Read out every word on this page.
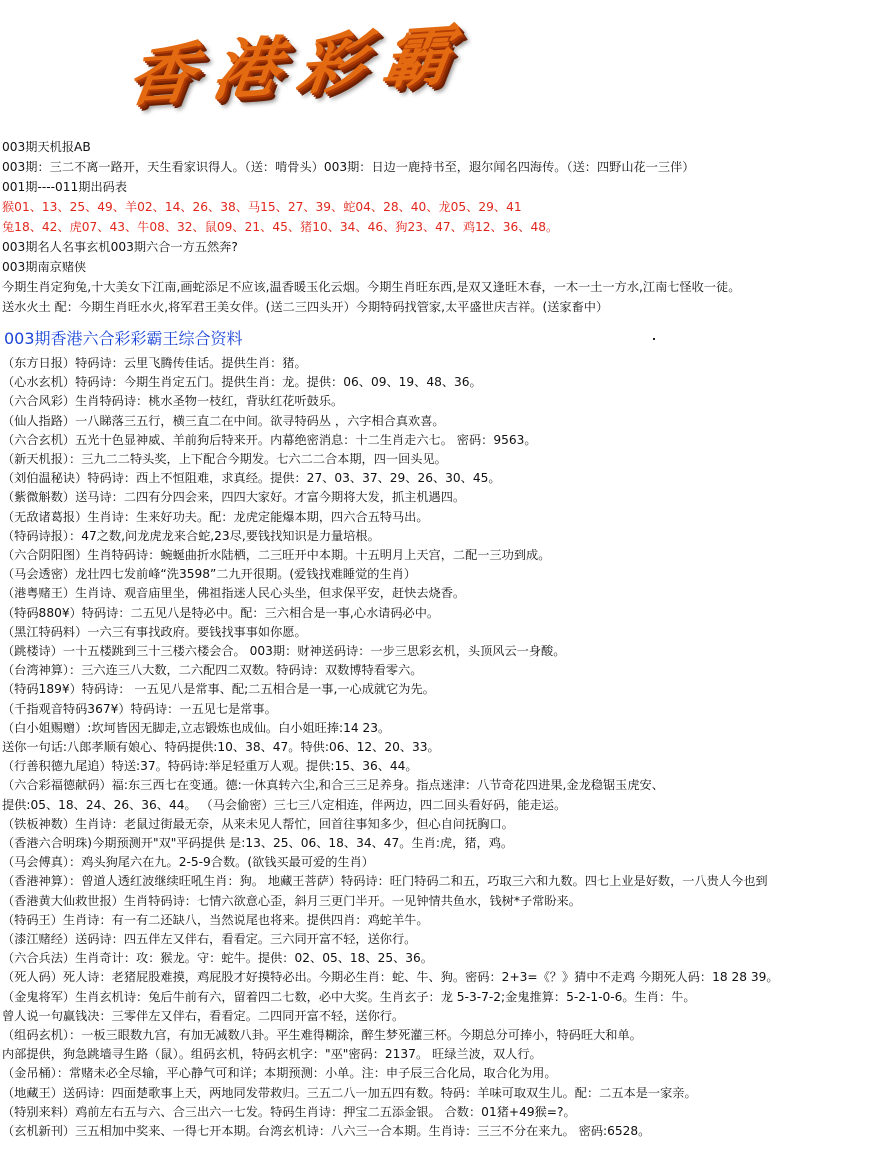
香港彩霸
003期天机报AB
003期：三二不离一路开，天生看家识得人。（送：啃骨头）003期：日边一鹿持书至，遐尔闻名四海传。（送：四野山花一三伴）
001期----011期出码表
猴01、13、25、49、羊02、14、26、38、马15、27、39、蛇04、28、40、龙05、29、41
兔18、42、虎07、43、牛08、32、鼠09、21、45、猪10、34、46、狗23、47、鸡12、36、48。
003期名人名事玄机003期六合一方五然奔?
003期南京赌侠
今期生肖定狗兔,十大美女下江南,画蛇添足不应该,温香暖玉化云烟。今期生肖旺东西,是双又逢旺木春，一木一土一方水,江南七怪收一徒。
送水火土 配：今期生肖旺水火,将军君王美女伴。(送二三四头开）今期特码找管家,太平盛世庆吉祥。(送家畜中）
003期香港六合彩彩霸王综合资料
（东方日报）特码诗：云里飞腾传佳话。提供生肖：猪。
（心水玄机）特码诗：今期生肖定五门。提供生肖：龙。提供：06、09、19、48、36。
（六合风彩）生肖特码诗：桃水圣物一枝红，背驮红花听鼓乐。
（仙人指路）一八睇落三五行，横三直二在中间。欲寻特码丛 ，六字相合真欢喜。
（六合玄机）五光十色显神威、羊前狗后特来开。内幕绝密消息：十二生肖走六七。 密码：9563。
（新天机报）：三九二二特头奖，上下配合今期发。七六二二合本期，四一回头见。
（刘伯温秘诀）特码诗：西上不恒阻难，求真经。提供：27、03、37、29、26、30、45。
（紫微斛数）送马诗：二四有分四会来，四四大家好。才富今期将大发，抓主机遇四。
（无敌诸葛报）生肖诗：生来好功夫。配：龙虎定能爆本期，四六合五特马出。
（特码诗报）：47之数,问龙虎龙来合蛇,23尽,要钱找知识是力量培根。
（六合阴阳图）生肖特码诗：蜿蜒曲折水陆栖，二三旺开中本期。十五明月上天宫，二配一三功到成。
（马会透密）龙壮四七发前峰“洗3598”二九开很期。(爱钱找难睡觉的生肖）
（港粤赌王）生肖诗、观音庙里坐，佛祖指迷人民心头坐，但求保平安，赶快去烧香。
（特码880¥）特码诗：二五见八是特必中。配：三六相合是一事,心水请码必中。
（黑江特码料）一六三有事找政府。要钱找事事如你愿。
（跳楼诗）一十五楼跳到三十三楼六楼会合。 003期：财神送码诗：一步三思彩玄机，头顶风云一身酸。
（台湾神算）：三六连三八大数，二六配四二双数。特码诗：双数博特看零六。
（特码189¥）特码诗： 一五见八是常事、配;二五相合是一事,一心成就它为先。
（千指观音特码367¥）特码诗：一五见七是常事。
（白小姐赐赠）:坎坷皆因无脚走,立志锻炼也成仙。白小姐旺捧:14 23。
送你一句话:八郎孝顺有娘心、特码提供:10、38、47。特供:06、12、20、33。
（行善积德九尾追）特送:37。特码诗:举足轻重万人观。提供:15、36、44。
（六合彩福德献码）福:东三西七在变通。德:一休真转六尘,和合三三足养身。指点迷津：八节奇花四进果,金龙稳锯玉虎安、
提供:05、18、24、26、36、44。 （马会偷密）三七三八定相连，伴两边，四二回头看好码，能走运。
（铁板神数）生肖诗：老鼠过街最无奈，从来未见人帮忙，回首往事知多少，但心自问抚胸口。
（香港六合明珠)今期预测开"双"平码提供 是:13、25、06、18、34、47。生肖:虎，猪，鸡。
（马会傅真）：鸡头狗尾六在九。2-5-9合数。(欲钱买最可爱的生肖）
（香港神算）：曾道人透红波继续旺吼生肖：狗。 地藏王菩萨）特码诗：旺门特码二和五，巧取三六和九数。四七上业是好数，一八贵人今也到
（香港黄大仙救世报）生肖特码诗：七情六欲意心歪，斜月三更门半开。一见钟情共鱼水，钱树*子常盼来。
（特码王）生肖诗：有一有二还缺八，当然说尾也将来。提供四肖：鸡蛇羊牛。
（漆江赌经）送码诗：四五伴左又伴右，看看定。三六同开富不轻，送你行。
（六合兵法）生肖奇计：攻：猴龙。守：蛇牛。提供：02、05、18、25、36。
（死人码）死人诗：老猪屁股难摸，鸡屁股才好摸特必出。今期必生肖：蛇、牛、狗。密码：2+3=《？》猜中不走鸡 今期死人码：18 28 39。
（金鬼将军）生肖玄机诗：兔后牛前有六，留着四二七数，必中大奖。生肖玄子：龙 5-3-7-2;金鬼推算：5-2-1-0-6。生肖：牛。
曾人说一句赢钱决：三零伴左又伴右，看看定。二四同开富不轻，送你行。
（组码玄机）：一板三眼数九宫，有加无减数八卦。平生难得糊涂，醉生梦死灌三杯。今期总分可捧小，特码旺大和单。
内部提供，狗急跳墙寻生路（鼠）。组码玄机，特码玄机字："巫"密码：2137。 旺绿兰波，双人行。
（金吊桶）：常赌未必全尽输，平心静气可和详；本期预测：小单。注：申子辰三合化局，取合化为用。
（地藏王）送码诗：四面楚歌事上天，两地同发带救归。三五二八一加五四有数。特码：羊味可取双生儿。配：二五本是一家亲。
（特别来料）鸡前左右五与六、合三出六一七发。特码生肖诗：押宝二五添金银。 合数：01猪+49猴=?。
（玄机新刊）三五相加中奖来、一得七开本期。台湾玄机诗：八六三一合本期。生肖诗：三三不分在来九。 密码:6528。
